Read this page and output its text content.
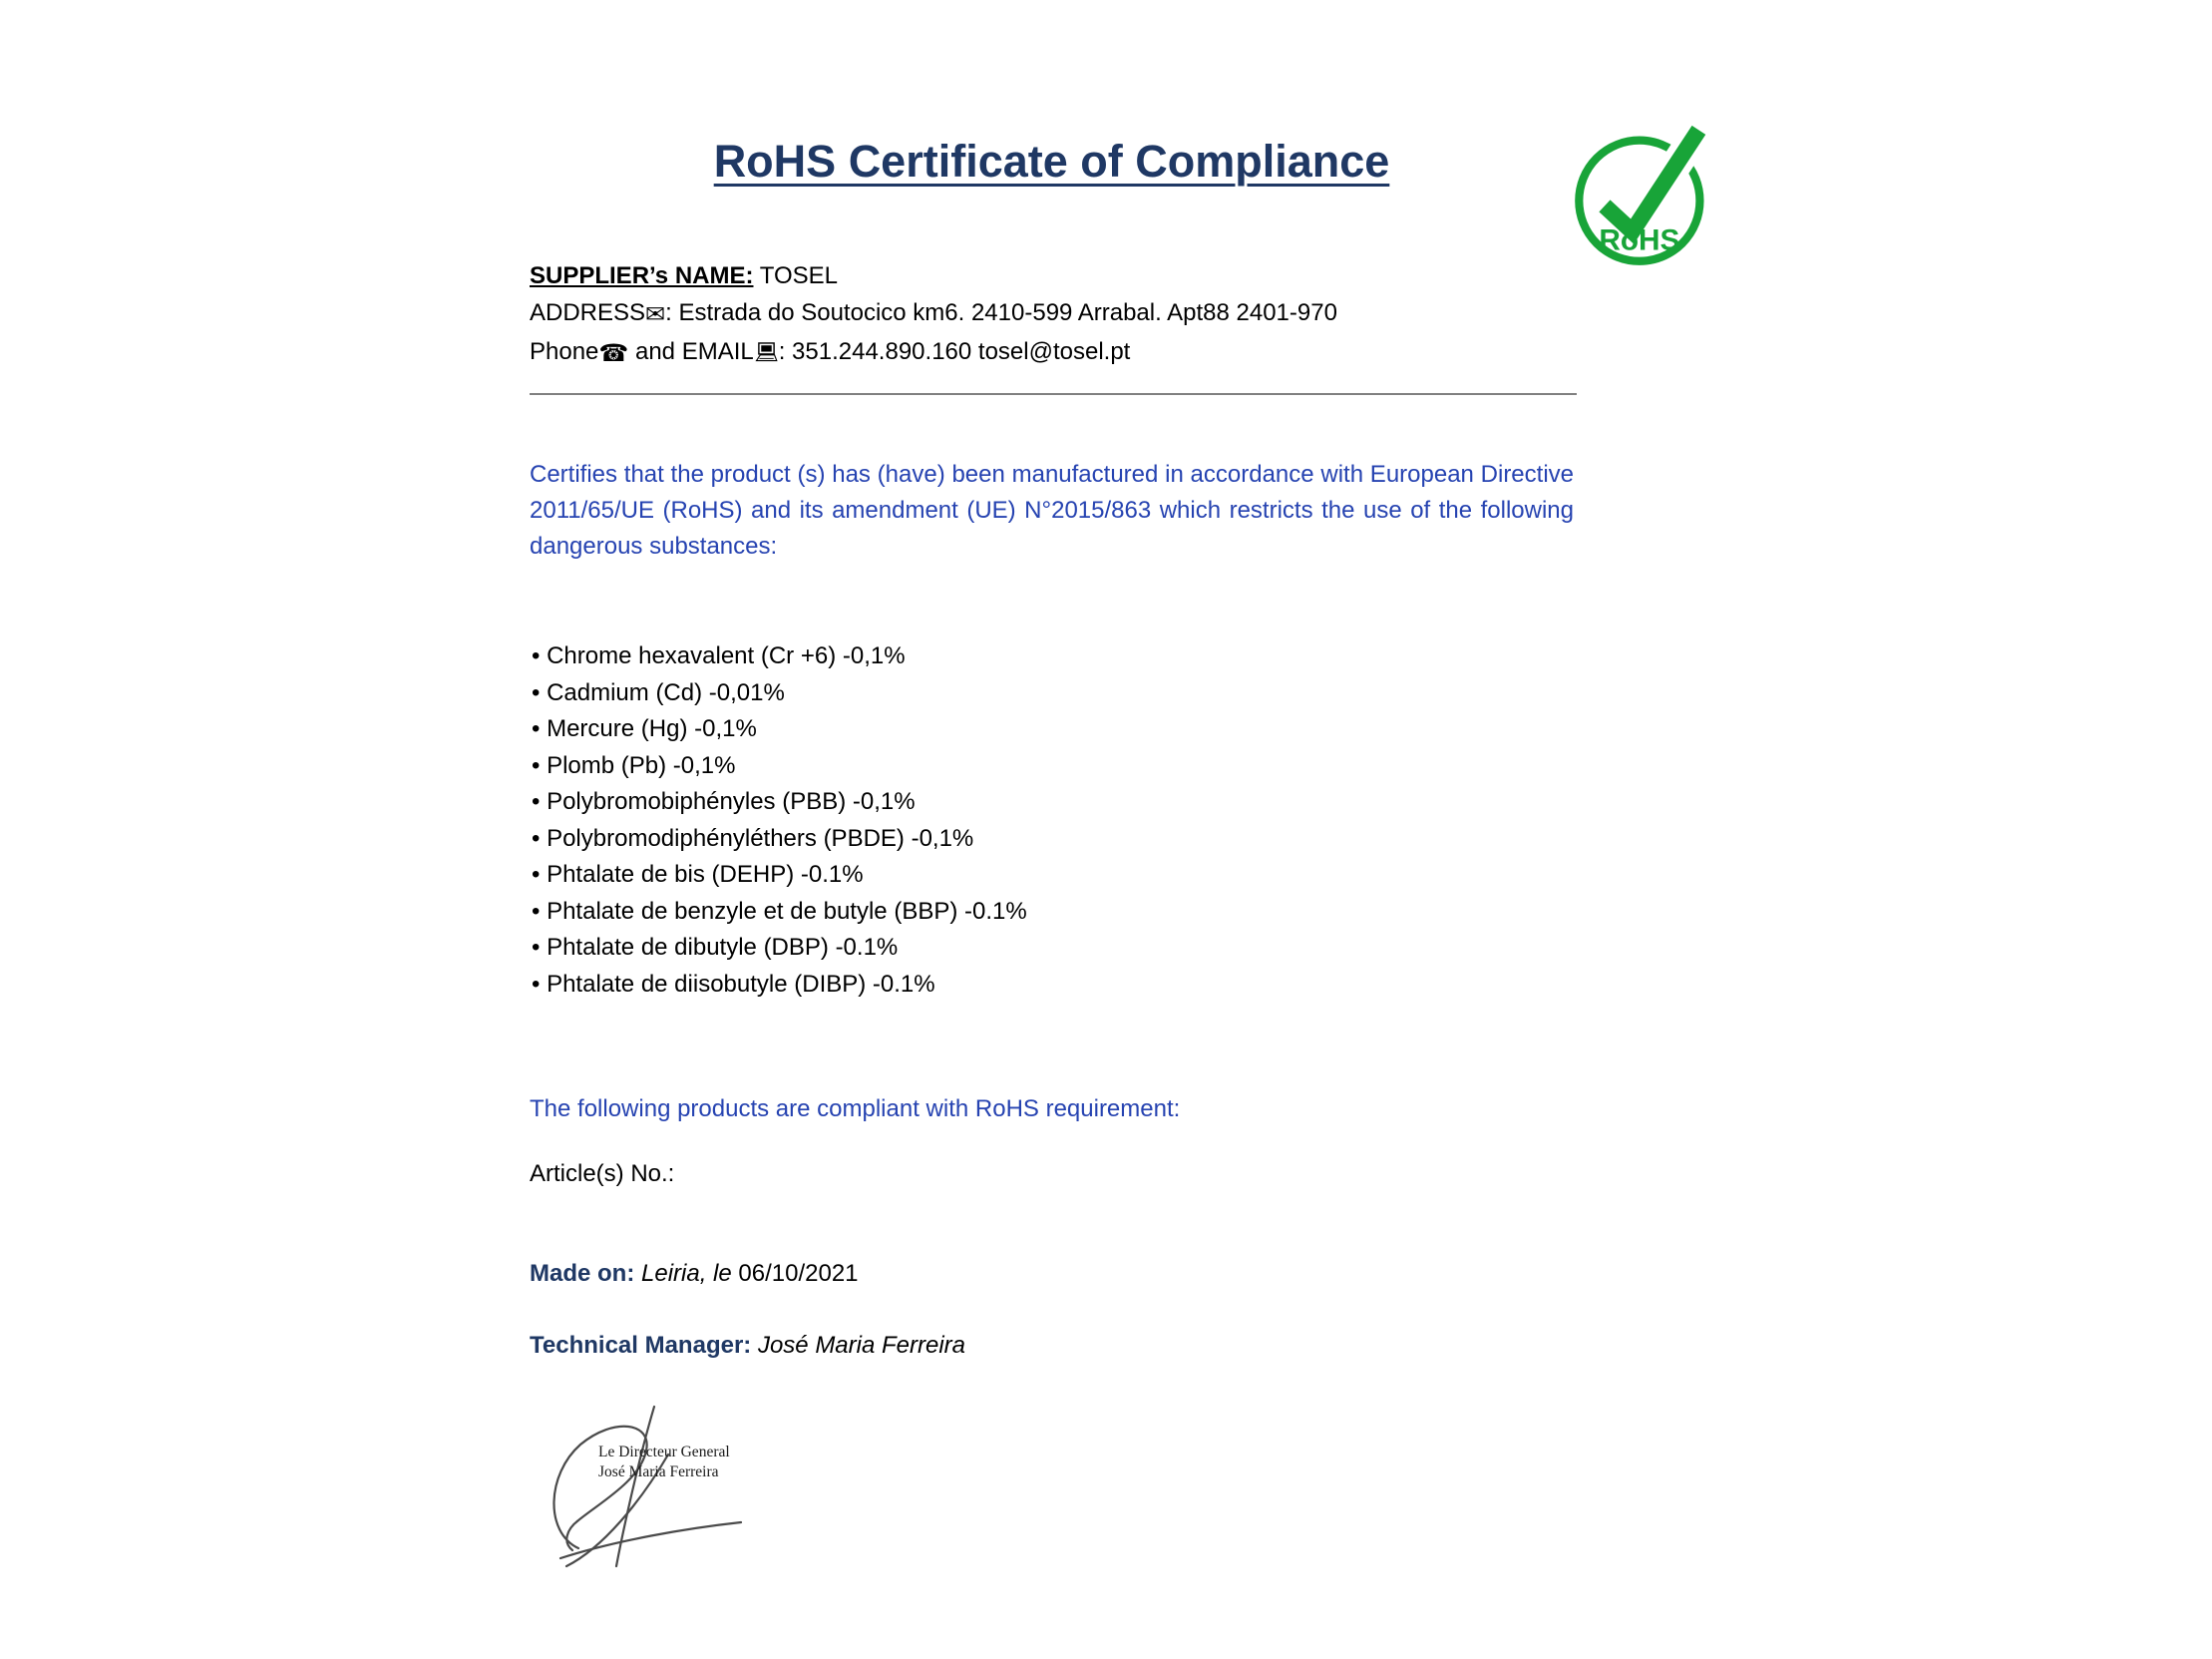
RoHS Certificate of Compliance
RoHS

SUPPLIER’s NAME: TOSEL

ADDRESS✉: Estrada do Soutocico km6. 2410-599 Arrabal. Apt88 2401-970

Phone☎ and EMAIL : 351.244.890.160 tosel@tosel.pt

Certifies that the product (s) has (have) been manufactured in accordance with European Directive 2011/65/UE (RoHS) and its amendment (UE) N°2015/863 which restricts the use of the following dangerous substances:

• Chrome hexavalent (Cr +6) -0,1%
• Cadmium (Cd) -0,01%
• Mercure (Hg) -0,1%
• Plomb (Pb) -0,1%
• Polybromobiphényles (PBB) -0,1%
• Polybromodiphényléthers (PBDE) -0,1%
• Phtalate de bis (DEHP) -0.1%
• Phtalate de benzyle et de butyle (BBP) -0.1%
• Phtalate de dibutyle (DBP) -0.1%
• Phtalate de diisobutyle (DIBP) -0.1%

The following products are compliant with RoHS requirement:

Article(s) No.:

Made on: Leiria, le 06/10/2021

Technical Manager: José Maria Ferreira

Le Directeur General
José Maria Ferreira
